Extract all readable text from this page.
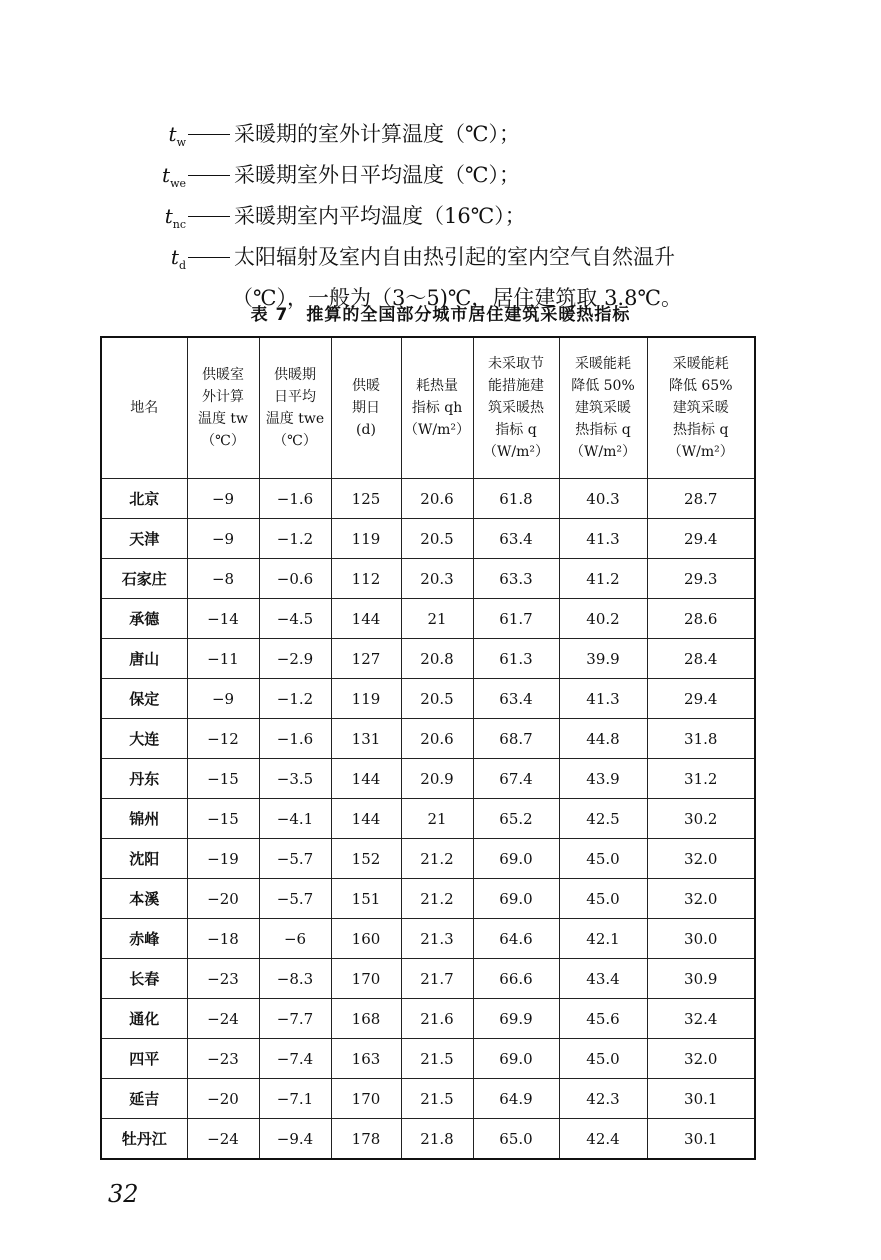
$t_w$ 采暖期的室外计算温度（℃）；
$t_{we}$ 采暖期室外日平均温度（℃）；
$t_{nc}$ 采暖期室内平均温度（16℃）；
$t_d$ 太阳辐射及室内自由热引起的室内空气自然温升
（℃），一般为（3～5)℃，居住建筑取 3.8℃。
表 7 推算的全国部分城市居住建筑采暖热指标
地名	供暖室
外计算
温度 tw
（℃）	供暖期
日平均
温度 twe
（℃）	供暖
期日
(d)	耗热量
指标 qh
（W/m²）	未采取节
能措施建
筑采暖热
指标 q
（W/m²）	采暖能耗
降低 50%
建筑采暖
热指标 q
（W/m²）	采暖能耗
降低 65%
建筑采暖
热指标 q
（W/m²）

北京	−9	−1.6	125	20.6	61.8	40.3	28.7
天津	−9	−1.2	119	20.5	63.4	41.3	29.4
石家庄	−8	−0.6	112	20.3	63.3	41.2	29.3
承德	−14	−4.5	144	21	61.7	40.2	28.6
唐山	−11	−2.9	127	20.8	61.3	39.9	28.4
保定	−9	−1.2	119	20.5	63.4	41.3	29.4
大连	−12	−1.6	131	20.6	68.7	44.8	31.8
丹东	−15	−3.5	144	20.9	67.4	43.9	31.2
锦州	−15	−4.1	144	21	65.2	42.5	30.2
沈阳	−19	−5.7	152	21.2	69.0	45.0	32.0
本溪	−20	−5.7	151	21.2	69.0	45.0	32.0
赤峰	−18	−6	160	21.3	64.6	42.1	30.0
长春	−23	−8.3	170	21.7	66.6	43.4	30.9
通化	−24	−7.7	168	21.6	69.9	45.6	32.4
四平	−23	−7.4	163	21.5	69.0	45.0	32.0
延吉	−20	−7.1	170	21.5	64.9	42.3	30.1
牡丹江	−24	−9.4	178	21.8	65.0	42.4	30.1
32
